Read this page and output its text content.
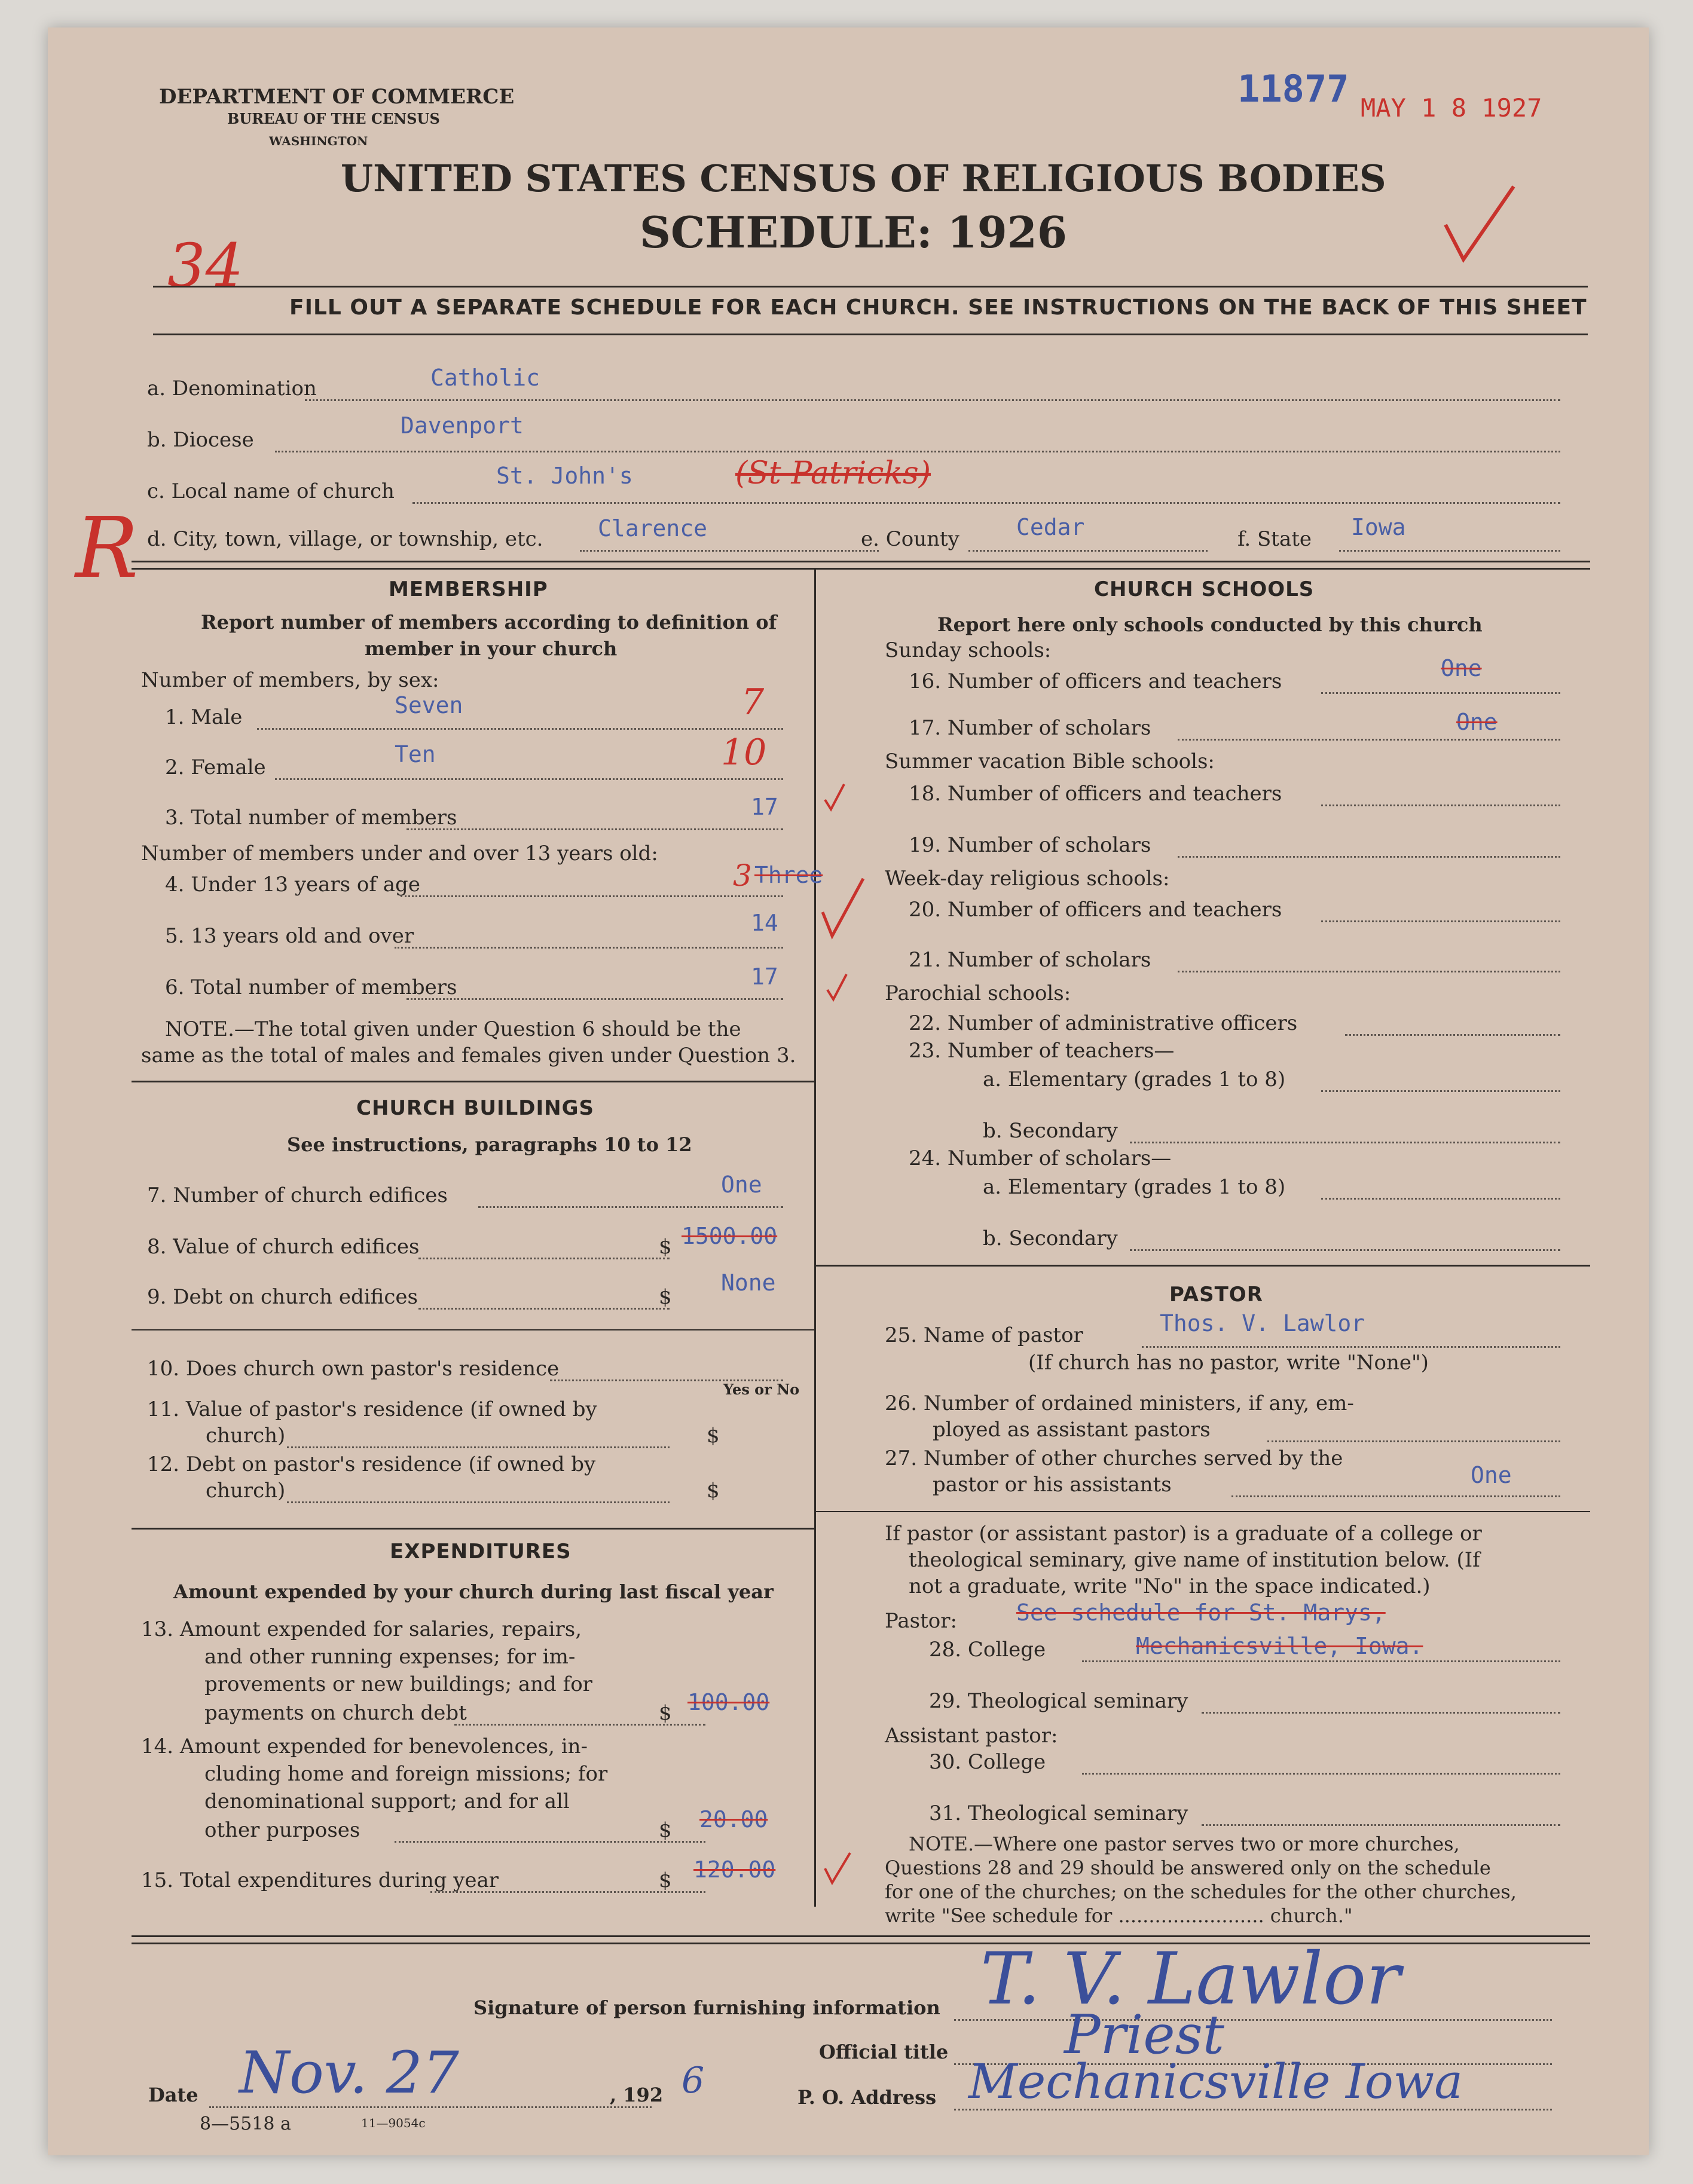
DEPARTMENT OF COMMERCE
BUREAU OF THE CENSUS
WASHINGTON
11877 MAY 1 8 1927
UNITED STATES CENSUS OF RELIGIOUS BODIES
SCHEDULE: 1926
34
FILL OUT A SEPARATE SCHEDULE FOR EACH CHURCH. SEE INSTRUCTIONS ON THE BACK OF THIS SHEET
a. Denomination	Catholic
b. Diocese
Davenport
c. Local name of church
St. John's	(St Patricks)
R d. City, town, village, or township, etc. Clarence	e. County	Cedar	f. State Iowa
MEMBERSHIP
Report number of members according to definition of
member in your church
Number of members, by sex:
1. Male	Seven	7
2. Female	Ten	10
3. Total number of members	17
Number of members under and over 13 years old:
4. Under 13 years of age	3 Three
5. 13 years old and over	14
6. Total number of members	17
NOTE.—The total given under Question 6 should be the
same as the total of males and females given under Question 3.
CHURCH BUILDINGS
See instructions, paragraphs 10 to 12
7. Number of church edifices	One
8. Value of church edifices	$ 1500.00
9. Debt on church edifices	$
None
10. Does church own pastor's residence
Yes or No
11. Value of pastor's residence (if owned by
church)	$
12. Debt on pastor's residence (if owned by
church)	$
EXPENDITURES
Amount expended by your church during last fiscal year
13. Amount expended for salaries, repairs,
and other running expenses; for im-
provements or new buildings; and for
payments on church debt	$ 100.00
14. Amount expended for benevolences, in-
cluding home and foreign missions; for
denominational support; and for all
other purposes	$ 20.00
15. Total expenditures during year	$ 120.00
CHURCH SCHOOLS
Report here only schools conducted by this church
Sunday schools:
16. Number of officers and teachers	One
17. Number of scholars	One
Summer vacation Bible schools:
18. Number of officers and teachers
19. Number of scholars
Week-day religious schools:
20. Number of officers and teachers
21. Number of scholars
Parochial schools:
22. Number of administrative officers
23. Number of teachers—
a. Elementary (grades 1 to 8)
b. Secondary
24. Number of scholars—
a. Elementary (grades 1 to 8)
b. Secondary
PASTOR
25. Name of pastor	Thos. V. Lawlor
(If church has no pastor, write "None")
26. Number of ordained ministers, if any, em-
ployed as assistant pastors
27. Number of other churches served by the
pastor or his assistants	One
If pastor (or assistant pastor) is a graduate of a college or
theological seminary, give name of institution below. (If
not a graduate, write "No" in the space indicated.)
Pastor:	See schedule for St. Marys,
28. College	Mechanicsville, Iowa.
29. Theological seminary
Assistant pastor:
30. College
31. Theological seminary
NOTE.—Where one pastor serves two or more churches,
Questions 28 and 29 should be answered only on the schedule
for one of the churches; on the schedules for the other churches,
write "See schedule for ........................ church."
Signature of person furnishing information T. V. Lawlor
Official title Priest
Date Nov. 27	, 192 6	P. O. Address Mechanicsville Iowa
8—5518 a	11—9054c
